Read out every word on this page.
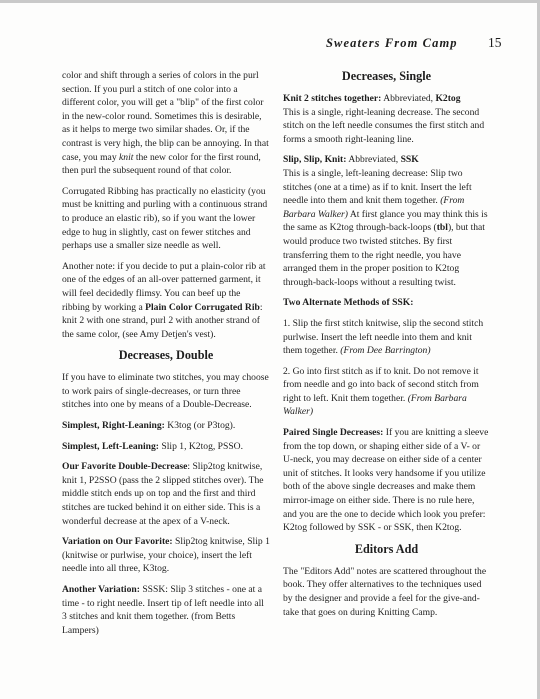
Sweaters From Camp 15

color and shift through a series of colors in the purl section. If you purl a stitch of one color into a different color, you will get a "blip" of the first color in the new-color round. Sometimes this is desirable, as it helps to merge two similar shades. Or, if the contrast is very high, the blip can be annoying. In that case, you may knit the new color for the first round, then purl the subsequent round of that color.

Corrugated Ribbing has practically no elasticity (you must be knitting and purling with a continuous strand to produce an elastic rib), so if you want the lower edge to hug in slightly, cast on fewer stitches and perhaps use a smaller size needle as well.

Another note: if you decide to put a plain-color rib at one of the edges of an all-over patterned garment, it will feel decidedly flimsy. You can beef up the ribbing by working a Plain Color Corrugated Rib: knit 2 with one strand, purl 2 with another strand of the same color, (see Amy Detjen's vest).

Decreases, Double

If you have to eliminate two stitches, you may choose to work pairs of single-decreases, or turn three stitches into one by means of a Double-Decrease.

Simplest, Right-Leaning: K3tog (or P3tog).

Simplest, Left-Leaning: Slip 1, K2tog, PSSO.

Our Favorite Double-Decrease: Slip2tog knitwise, knit 1, P2SSO (pass the 2 slipped stitches over). The middle stitch ends up on top and the first and third stitches are tucked behind it on either side. This is a wonderful decrease at the apex of a V-neck.

Variation on Our Favorite: Slip2tog knitwise, Slip 1 (knitwise or purlwise, your choice), insert the left needle into all three, K3tog.

Another Variation: SSSK: Slip 3 stitches - one at a time - to right needle. Insert tip of left needle into all 3 stitches and knit them together. (from Betts Lampers)

Decreases, Single

Knit 2 stitches together: Abbreviated, K2tog
This is a single, right-leaning decrease. The second stitch on the left needle consumes the first stitch and forms a smooth right-leaning line.

Slip, Slip, Knit: Abbreviated, SSK
This is a single, left-leaning decrease: Slip two stitches (one at a time) as if to knit. Insert the left needle into them and knit them together. (From Barbara Walker) At first glance you may think this is the same as K2tog through-back-loops (tbl), but that would produce two twisted stitches. By first transferring them to the right needle, you have arranged them in the proper position to K2tog through-back-loops without a resulting twist.

Two Alternate Methods of SSK:

1. Slip the first stitch knitwise, slip the second stitch purlwise. Insert the left needle into them and knit them together. (From Dee Barrington)

2. Go into first stitch as if to knit. Do not remove it from needle and go into back of second stitch from right to left. Knit them together. (From Barbara Walker)

Paired Single Decreases: If you are knitting a sleeve from the top down, or shaping either side of a V- or U-neck, you may decrease on either side of a center unit of stitches. It looks very handsome if you utilize both of the above single decreases and make them mirror-image on either side. There is no rule here, and you are the one to decide which look you prefer: K2tog followed by SSK - or SSK, then K2tog.

Editors Add

The "Editors Add" notes are scattered throughout the book. They offer alternatives to the techniques used by the designer and provide a feel for the give-and-take that goes on during Knitting Camp.
